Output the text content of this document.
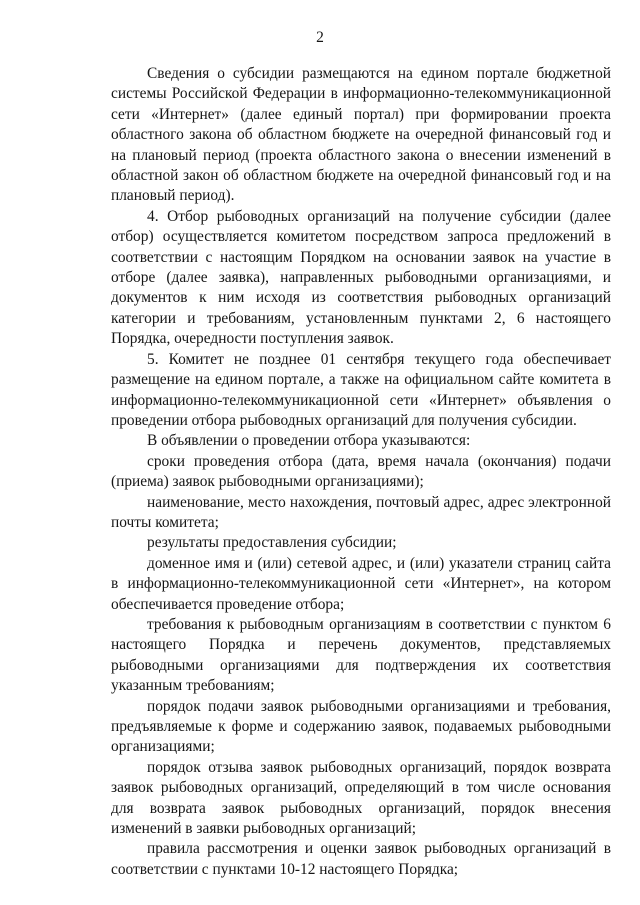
2

Сведения о субсидии размещаются на едином портале бюджетной системы Российской Федерации в информационно-телекоммуникационной сети «Интернет» (далее единый портал) при формировании проекта областного закона об областном бюджете на очередной финансовый год и на плановый период (проекта областного закона о внесении изменений в областной закон об областном бюджете на очередной финансовый год и на плановый период).

4. Отбор рыбоводных организаций на получение субсидии (далее отбор) осуществляется комитетом посредством запроса предложений в соответствии с настоящим Порядком на основании заявок на участие в отборе (далее заявка), направленных рыбоводными организациями, и документов к ним исходя из соответствия рыбоводных организаций категории и требованиям, установленным пунктами 2, 6 настоящего Порядка, очередности поступления заявок.

5. Комитет не позднее 01 сентября текущего года обеспечивает размещение на едином портале, а также на официальном сайте комитета в информационно-телекоммуникационной сети «Интернет» объявления о проведении отбора рыбоводных организаций для получения субсидии.

В объявлении о проведении отбора указываются:

сроки проведения отбора (дата, время начала (окончания) подачи (приема) заявок рыбоводными организациями);

наименование, место нахождения, почтовый адрес, адрес электронной почты комитета;

результаты предоставления субсидии;

доменное имя и (или) сетевой адрес, и (или) указатели страниц сайта в информационно-телекоммуникационной сети «Интернет», на котором обеспечивается проведение отбора;

требования к рыбоводным организациям в соответствии с пунктом 6 настоящего Порядка и перечень документов, представляемых рыбоводными организациями для подтверждения их соответствия указанным требованиям;

порядок подачи заявок рыбоводными организациями и требования, предъявляемые к форме и содержанию заявок, подаваемых рыбоводными организациями;

порядок отзыва заявок рыбоводных организаций, порядок возврата заявок рыбоводных организаций, определяющий в том числе основания для возврата заявок рыбоводных организаций, порядок внесения изменений в заявки рыбоводных организаций;

правила рассмотрения и оценки заявок рыбоводных организаций в соответствии с пунктами 10-12 настоящего Порядка;
